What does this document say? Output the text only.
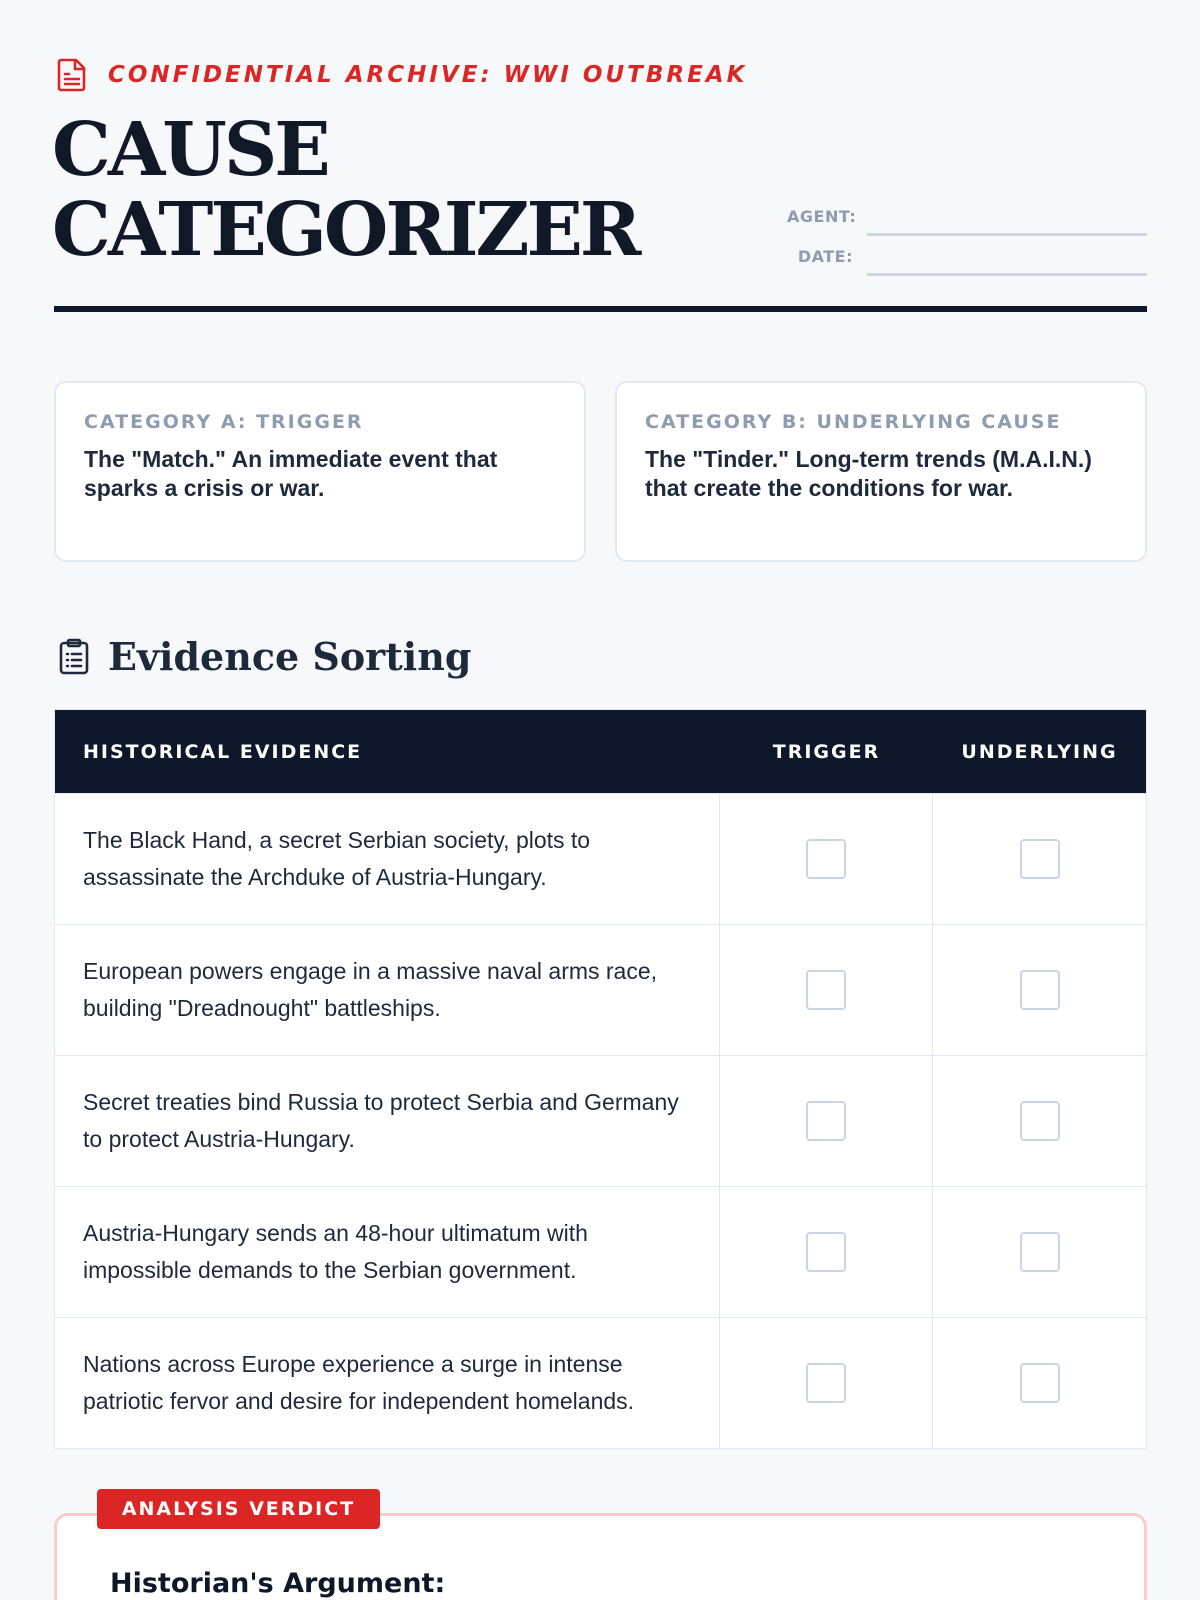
CONFIDENTIAL ARCHIVE: WWI OUTBREAK
CAUSE
CATEGORIZER	AGENT:
DATE:
CATEGORY A: TRIGGER
The "Match." An immediate event that sparks a crisis or war.
CATEGORY B: UNDERLYING CAUSE
The "Tinder." Long-term trends (M.A.I.N.) that create the conditions for war.
Evidence Sorting
HISTORICAL EVIDENCE	TRIGGER	UNDERLYING
The Black Hand, a secret Serbian society, plots to assassinate the Archduke of Austria-Hungary.
European powers engage in a massive naval arms race, building "Dreadnought" battleships.
Secret treaties bind Russia to protect Serbia and Germany to protect Austria-Hungary.
Austria-Hungary sends an 48-hour ultimatum with impossible demands to the Serbian government.
Nations across Europe experience a surge in intense patriotic fervor and desire for independent homelands.
ANALYSIS VERDICT
Historian's Argument:
